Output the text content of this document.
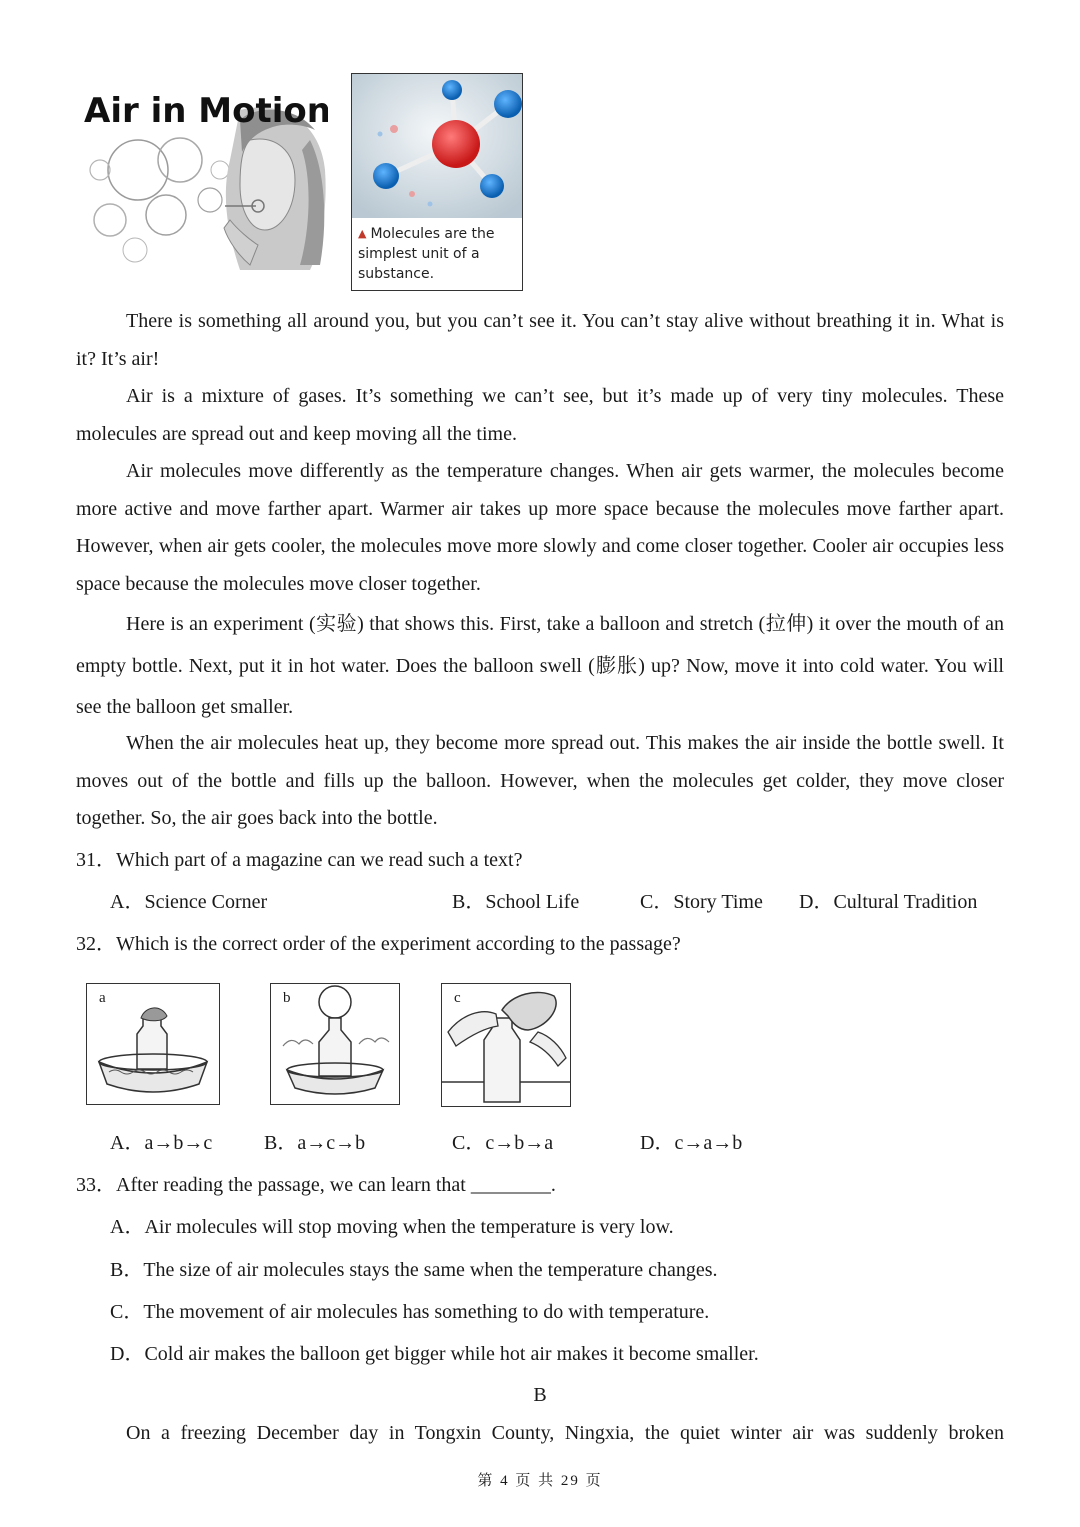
Air in Motion
▲ Molecules are the simplest unit of a substance.

There is something all around you, but you can’t see it. You can’t stay alive without breathing it in. What is it? It’s air!

Air is a mixture of gases. It’s something we can’t see, but it’s made up of very tiny molecules. These molecules are spread out and keep moving all the time.

Air molecules move differently as the temperature changes. When air gets warmer, the molecules become more active and move farther apart. Warmer air takes up more space because the molecules move farther apart. However, when air gets cooler, the molecules move more slowly and come closer together. Cooler air occupies less space because the molecules move closer together.

Here is an experiment (实验) that shows this. First, take a balloon and stretch (拉伸) it over the mouth of an empty bottle. Next, put it in hot water. Does the balloon swell (膨胀) up? Now, move it into cold water. You will see the balloon get smaller.

When the air molecules heat up, they become more spread out. This makes the air inside the bottle swell. It moves out of the bottle and fills up the balloon. However, when the molecules get colder, they move closer together. So, the air goes back into the bottle.

31．Which part of a magazine can we read such a text?
A．Science Corner	B．School Life	C．Story Time D．Cultural Tradition
32．Which is the correct order of the experiment according to the passage?
a	b	c
A．a→b→c	B．a→c→b	C．c→b→a	D．c→a→b
33．After reading the passage, we can learn that ________.
A．Air molecules will stop moving when the temperature is very low.
B．The size of air molecules stays the same when the temperature changes.
C．The movement of air molecules has something to do with temperature.
D．Cold air makes the balloon get bigger while hot air makes it become smaller.
B
On a freezing December day in Tongxin County, Ningxia, the quiet winter air was suddenly broken
第 4 页 共 29 页
